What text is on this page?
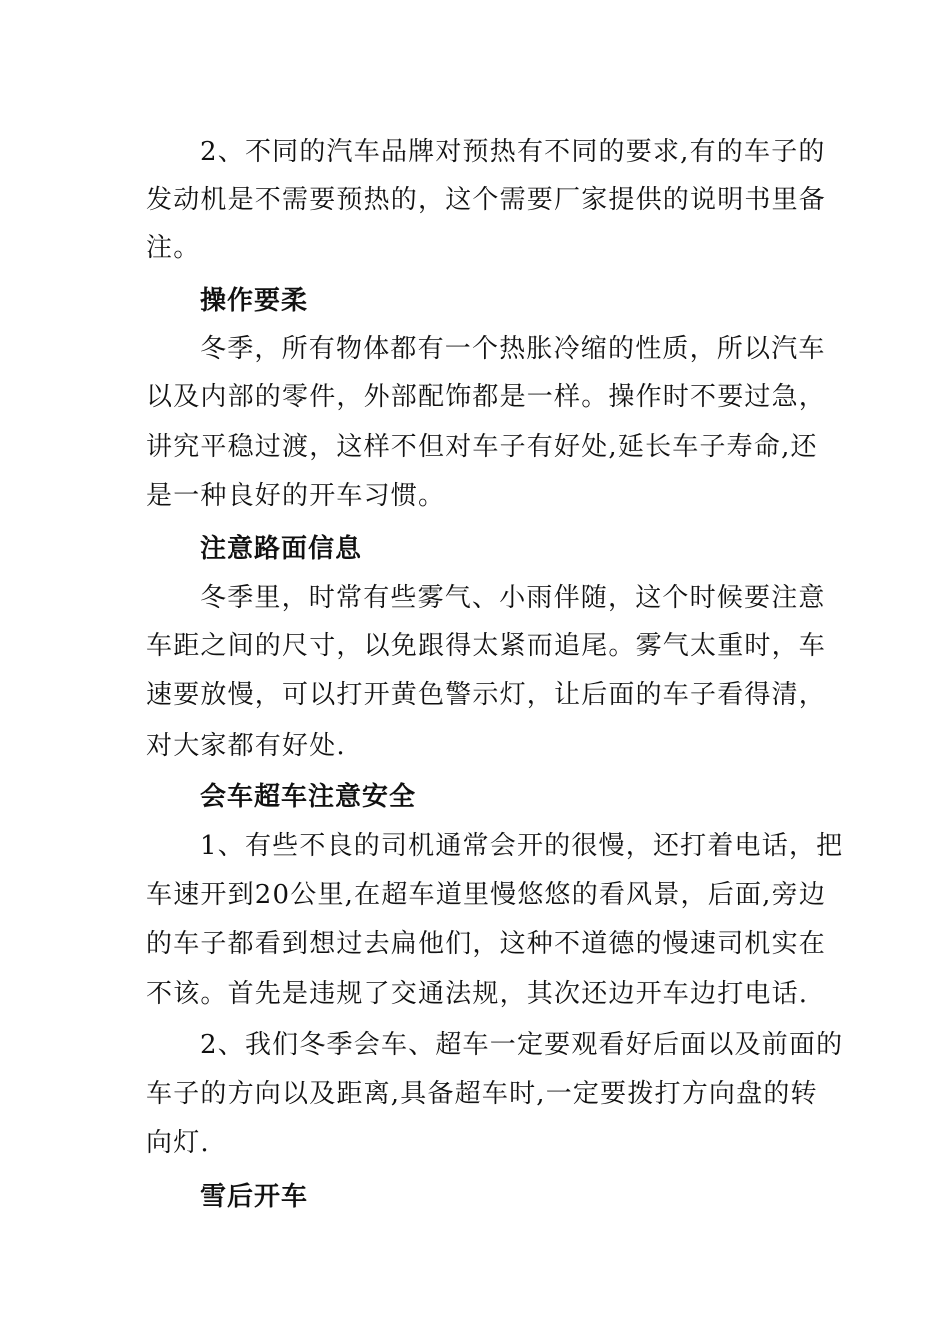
2、不同的汽车品牌对预热有不同的要求,有的车子的
发动机是不需要预热的，这个需要厂家提供的说明书里备
注。
操作要柔
冬季，所有物体都有一个热胀冷缩的性质，所以汽车
以及内部的零件，外部配饰都是一样。操作时不要过急，
讲究平稳过渡，这样不但对车子有好处,延长车子寿命,还
是一种良好的开车习惯。
注意路面信息
冬季里，时常有些雾气、小雨伴随，这个时候要注意
车距之间的尺寸，以免跟得太紧而追尾。雾气太重时，车
速要放慢，可以打开黄色警示灯，让后面的车子看得清，
对大家都有好处.
会车超车注意安全
1、有些不良的司机通常会开的很慢，还打着电话，把
车速开到20公里,在超车道里慢悠悠的看风景，后面,旁边
的车子都看到想过去扁他们，这种不道德的慢速司机实在
不该。首先是违规了交通法规，其次还边开车边打电话.
2、我们冬季会车、超车一定要观看好后面以及前面的
车子的方向以及距离,具备超车时,一定要拨打方向盘的转
向灯.
雪后开车
